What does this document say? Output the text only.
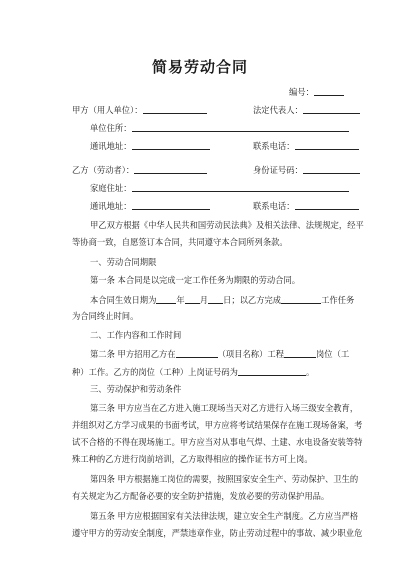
简易劳动合同
编号：
甲方（用人单位）：	法定代表人：
单位住所：
通讯地址：	联系电话：
乙方（劳动者）：	身份证号码：
家庭住址：
通讯地址：	联系电话：
甲乙双方根据《中华人民共和国劳动民法典》及相关法律、法规规定，经平
等协商一致，自愿签订本合同，共同遵守本合同所列条款。
一、劳动合同期限
第一条 本合同是以完成一定工作任务为期限的劳动合同。
本合同生效日期为 年 月 日；以乙方完成	工作任务
为合同终止时间。
二、工作内容和工作时间
第二条 甲方招用乙方在	（项目名称）工程	岗位（工
种）工作。乙方的岗位（工种）上岗证号码为	。
三、劳动保护和劳动条件
第三条 甲方应当在乙方进入施工现场当天对乙方进行入场三级安全教育，
并组织对乙方学习成果的书面考试，甲方应将考试结果保存在施工现场备案，考
试不合格的不得在现场施工。甲方应当对从事电气焊、土建、水电设备安装等特
殊工种的乙方进行岗前培训，乙方取得相应的操作证书方可上岗。
第四条 甲方根据施工岗位的需要，按照国家安全生产、劳动保护、卫生的
有关规定为乙方配备必要的安全防护措施，发放必要的劳动保护用品。
第五条 甲方应根据国家有关法律法规，建立安全生产制度。乙方应当严格
遵守甲方的劳动安全制度，严禁违章作业，防止劳动过程中的事故、减少职业危
